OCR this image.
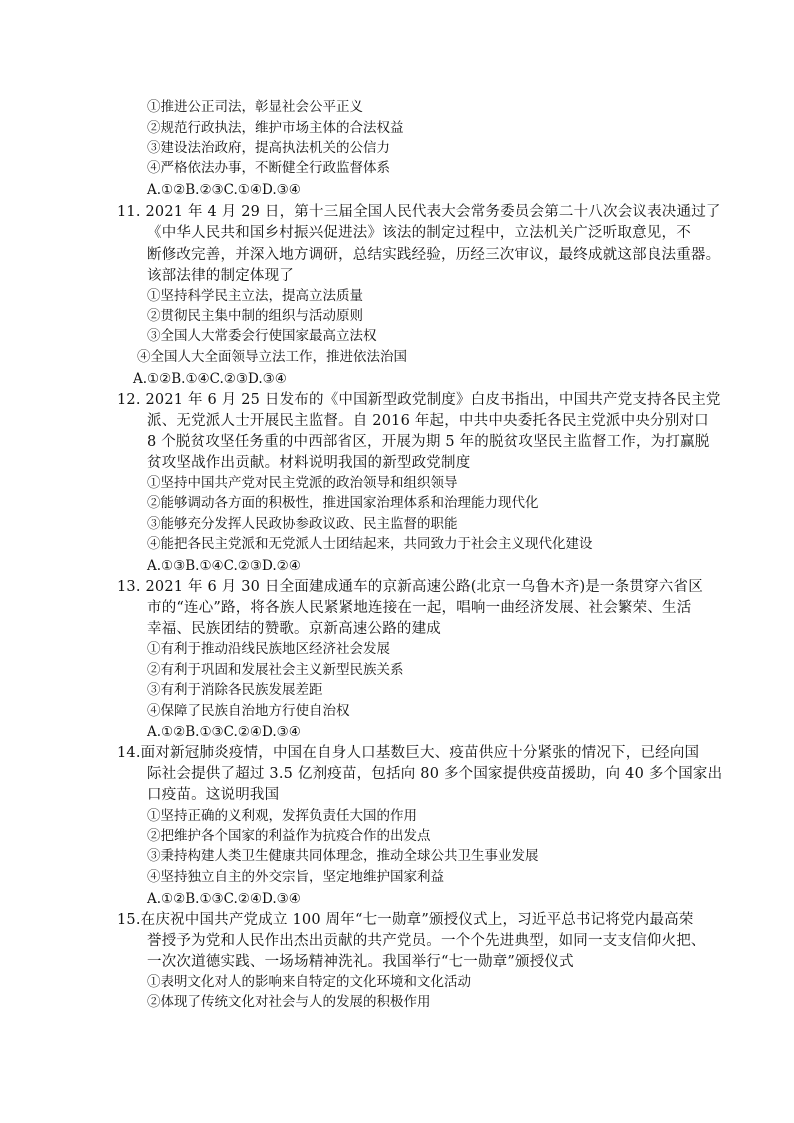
①推进公正司法，彰显社会公平正义
②规范行政执法，维护市场主体的合法权益
③建设法治政府，提高执法机关的公信力
④严格依法办事，不断健全行政监督体系
A.①②B.②③C.①④D.③④
11. 2021 年 4 月 29 日，第十三届全国人民代表大会常务委员会第二十八次会议表决通过了
《中华人民共和国乡村振兴促进法》该法的制定过程中，立法机关广泛听取意见，不
断修改完善，并深入地方调研，总结实践经验，历经三次审议，最终成就这部良法重器。
该部法律的制定体现了
①坚持科学民主立法，提高立法质量
②贯彻民主集中制的组织与活动原则
③全国人大常委会行使国家最高立法权
④全国人大全面领导立法工作，推进依法治国
A.①②B.①④C.②③D.③④
12. 2021 年 6 月 25 日发布的《中国新型政党制度》白皮书指出，中国共产党支持各民主党
派、无党派人士开展民主监督。自 2016 年起，中共中央委托各民主党派中央分别对口
8 个脱贫攻坚任务重的中西部省区，开展为期 5 年的脱贫攻坚民主监督工作，为打赢脱
贫攻坚战作出贡献。材料说明我国的新型政党制度
①坚持中国共产党对民主党派的政治领导和组织领导
②能够调动各方面的积极性，推进国家治理体系和治理能力现代化
③能够充分发挥人民政协参政议政、民主监督的职能
④能把各民主党派和无党派人士团结起来，共同致力于社会主义现代化建设
A.①③B.①④C.②③D.②④
13. 2021 年 6 月 30 日全面建成通车的京新高速公路(北京一乌鲁木齐)是一条贯穿六省区
市的“连心”路，将各族人民紧紧地连接在一起，唱响一曲经济发展、社会繁荣、生活
幸福、民族团结的赞歌。京新高速公路的建成
①有利于推动沿线民族地区经济社会发展
②有利于巩固和发展社会主义新型民族关系
③有利于消除各民族发展差距
④保障了民族自治地方行使自治权
A.①②B.①③C.②④D.③④
14.面对新冠肺炎疫情，中国在自身人口基数巨大、疫苗供应十分紧张的情况下，已经向国
际社会提供了超过 3.5 亿剂疫苗，包括向 80 多个国家提供疫苗援助，向 40 多个国家出
口疫苗。这说明我国
①坚持正确的义利观，发挥负责任大国的作用
②把维护各个国家的利益作为抗疫合作的出发点
③秉持构建人类卫生健康共同体理念，推动全球公共卫生事业发展
④坚持独立自主的外交宗旨，坚定地维护国家利益
A.①②B.①③C.②④D.③④
15.在庆祝中国共产党成立 100 周年“七一勋章”颁授仪式上，习近平总书记将党内最高荣
誉授予为党和人民作出杰出贡献的共产党员。一个个先进典型，如同一支支信仰火把、
一次次道德实践、一场场精神洗礼。我国举行“七一勋章”颁授仪式
①表明文化对人的影响来自特定的文化环境和文化活动
②体现了传统文化对社会与人的发展的积极作用
